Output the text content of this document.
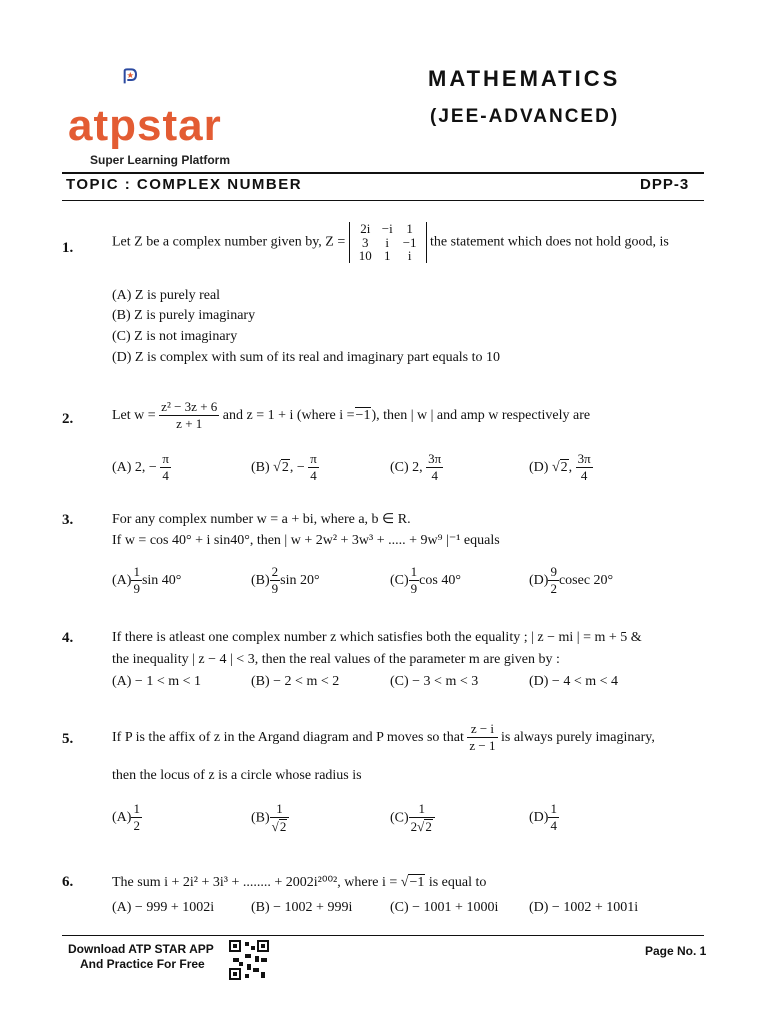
atpstar
Super Learning Platform
MATHEMATICS
(JEE-ADVANCED)
TOPIC : COMPLEX NUMBER	DPP-3
1.	Let Z be a complex number given by, Z =
2i	−i	1
3	i	−1
10	1	i
the statement which does not hold good, is
(A) Z is purely real
(B) Z is purely imaginary
(C) Z is not imaginary
(D) Z is complex with sum of its real and imaginary part equals to 10
2.	Let $w = \frac{\text{z² − 3z + 6}}{z + 1}$ and z = 1 + i (where i =−1), then | w | and amp w respectively are
(A) 2, − $\frac{\pi}{4}$	(B) √2, − $\frac{\pi}{4}$	(C) 2, $\frac{3\pi}{4}$	(D) √2, $\frac{3\pi}{4}$
3.	For any complex number w = a + bi, where a, b ∈ R.
If w = cos 40° + i sin40°, then | w + 2w² + 3w³ + ..... + 9w⁹ |⁻¹ equals
$(A) \frac{1}{9}$ sin 40°	$(B) \frac{2}{9}$ sin 20°	$(C) \frac{1}{9}$ cos 40°	$(D) \frac{9}{2}$ cosec 20°
4.	If there is atleast one complex number z which satisfies both the equality ; | z − mi | = m + 5 &
the inequality | z − 4 | < 3, then the real values of the parameter m are given by :
(A) − 1 < m < 1	(B) − 2 < m < 2	(C) − 3 < m < 3	(D) − 4 < m < 4
5.	If P is the affix of z in the Argand diagram and P moves so that $\frac{z - i}{z - 1}$ is always purely imaginary,
then the locus of z is a circle whose radius is
$(A) \frac{1}{2}$	$(B) \frac{1}{√2}$	$(C) \frac{1}{2√2}$	$(D) \frac{1}{4}$
6.	The sum i + 2i² + 3i³ + ........ + 2002i²⁰⁰², where i = √−1 is equal to
(A) − 999 + 1002i	(B) − 1002 + 999i	(C) − 1001 + 1000i (D) − 1002 + 1001i
Download ATP STAR APP
And Practice For Free
Page No. 1
